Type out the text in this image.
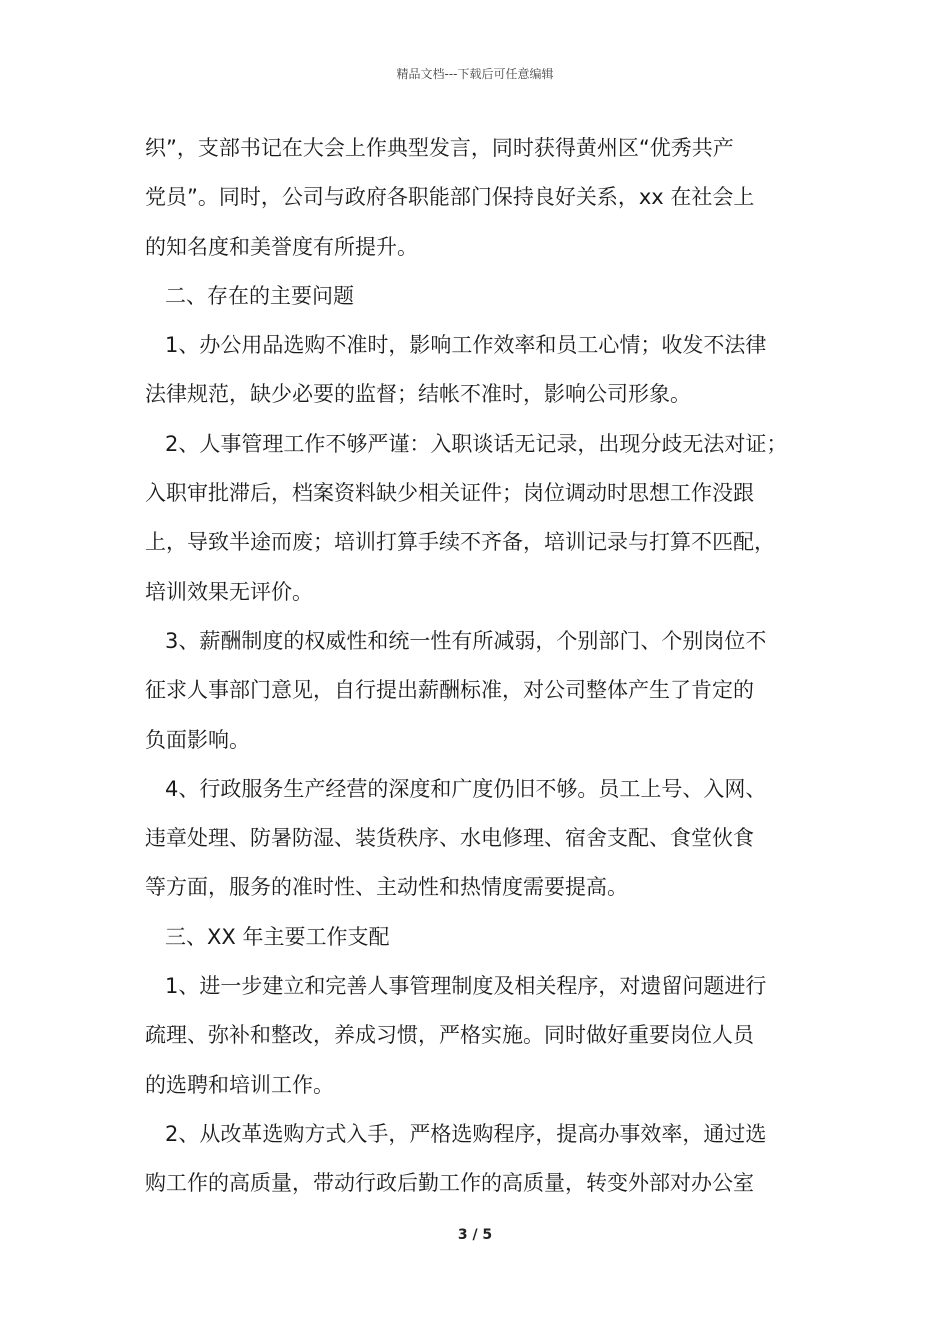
精品文档---下载后可任意编辑
织”，支部书记在大会上作典型发言，同时获得黄州区“优秀共产
党员”。同时，公司与政府各职能部门保持良好关系，xx 在社会上
的知名度和美誉度有所提升。
二、存在的主要问题
1、办公用品选购不准时，影响工作效率和员工心情；收发不法律
法律规范，缺少必要的监督；结帐不准时，影响公司形象。
2、人事管理工作不够严谨：入职谈话无记录，出现分歧无法对证；
入职审批滞后，档案资料缺少相关证件；岗位调动时思想工作没跟
上，导致半途而废；培训打算手续不齐备，培训记录与打算不匹配，
培训效果无评价。
3、薪酬制度的权威性和统一性有所减弱，个别部门、个别岗位不
征求人事部门意见，自行提出薪酬标准，对公司整体产生了肯定的
负面影响。
4、行政服务生产经营的深度和广度仍旧不够。员工上号、入网、
违章处理、防暑防湿、装货秩序、水电修理、宿舍支配、食堂伙食
等方面，服务的准时性、主动性和热情度需要提高。
三、XX 年主要工作支配
1、进一步建立和完善人事管理制度及相关程序，对遗留问题进行
疏理、弥补和整改，养成习惯，严格实施。同时做好重要岗位人员
的选聘和培训工作。
2、从改革选购方式入手，严格选购程序，提高办事效率，通过选
购工作的高质量，带动行政后勤工作的高质量，转变外部对办公室
3 / 5
